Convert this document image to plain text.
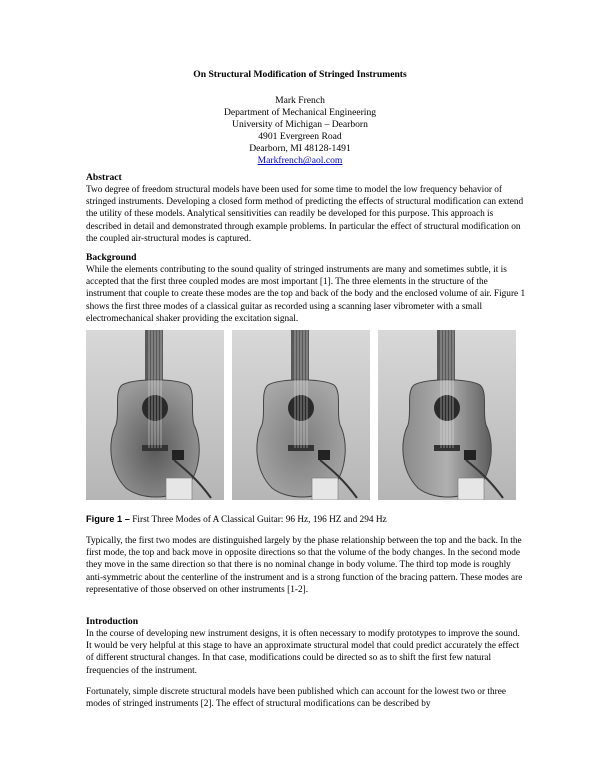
On Structural Modification of Stringed Instruments
Mark French
Department of Mechanical Engineering
University of Michigan – Dearborn
4901 Evergreen Road
Dearborn, MI 48128-1491
Markfrench@aol.com
Abstract
Two degree of freedom structural models have been used for some time to model the low frequency behavior of stringed instruments. Developing a closed form method of predicting the effects of structural modification can extend the utility of these models. Analytical sensitivities can readily be developed for this purpose. This approach is described in detail and demonstrated through example problems. In particular the effect of structural modification on the coupled air-structural modes is captured.
Background
While the elements contributing to the sound quality of stringed instruments are many and sometimes subtle, it is accepted that the first three coupled modes are most important [1]. The three elements in the structure of the instrument that couple to create these modes are the top and back of the body and the enclosed volume of air. Figure 1 shows the first three modes of a classical guitar as recorded using a scanning laser vibrometer with a small electromechanical shaker providing the excitation signal.
Figure 1 – First Three Modes of A Classical Guitar: 96 Hz, 196 HZ and 294 Hz
Typically, the first two modes are distinguished largely by the phase relationship between the top and the back. In the first mode, the top and back move in opposite directions so that the volume of the body changes. In the second mode they move in the same direction so that there is no nominal change in body volume. The third top mode is roughly anti-symmetric about the centerline of the instrument and is a strong function of the bracing pattern. These modes are representative of those observed on other instruments [1-2].
Introduction
In the course of developing new instrument designs, it is often necessary to modify prototypes to improve the sound. It would be very helpful at this stage to have an approximate structural model that could predict accurately the effect of different structural changes. In that case, modifications could be directed so as to shift the first few natural frequencies of the instrument.
Fortunately, simple discrete structural models have been published which can account for the lowest two or three modes of stringed instruments [2]. The effect of structural modifications can be described by
